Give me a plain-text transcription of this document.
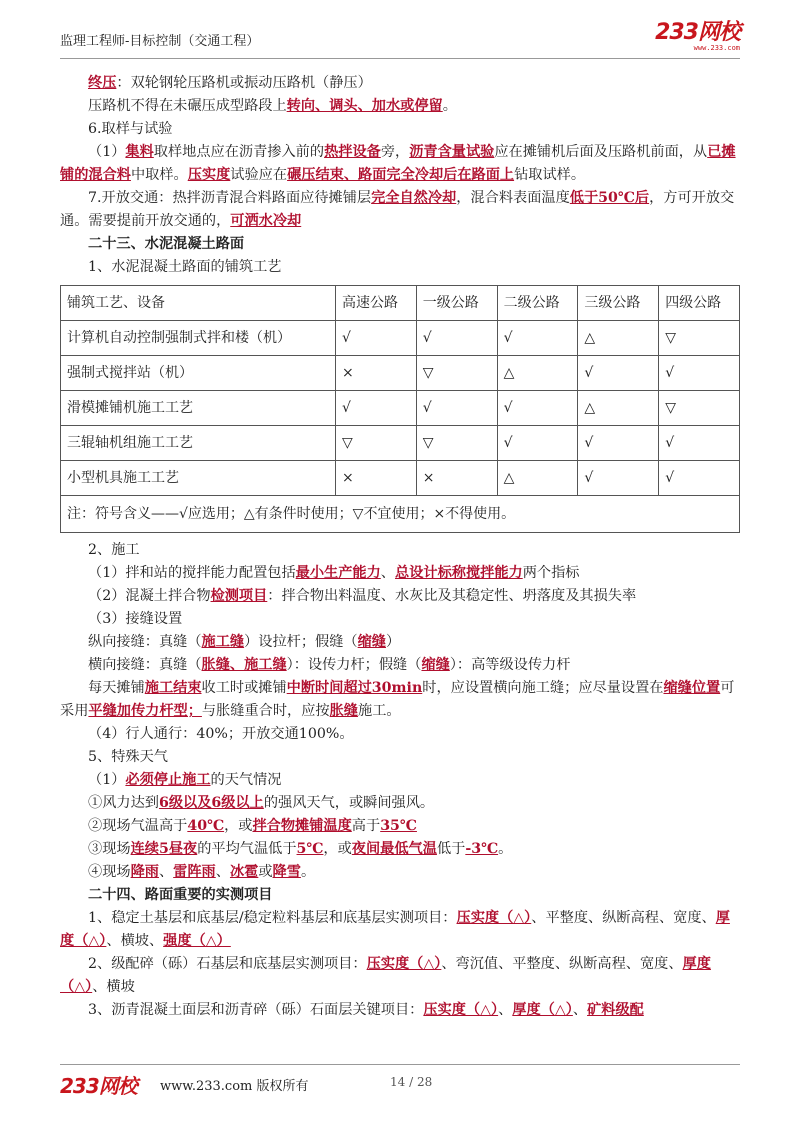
监理工程师-目标控制（交通工程）	233网校
www.233.com

终压：双轮钢轮压路机或振动压路机（静压）

压路机不得在未碾压成型路段上转向、调头、加水或停留。

6.取样与试验

（1）集料取样地点应在沥青掺入前的热拌设备旁，沥青含量试验应在摊铺机后面及压路机前面，从已摊铺的混合料中取样。压实度试验应在碾压结束、路面完全冷却后在路面上钻取试样。

7.开放交通：热拌沥青混合料路面应待摊铺层完全自然冷却，混合料表面温度低于50℃后，方可开放交通。需要提前开放交通的，可洒水冷却

二十三、水泥混凝土路面

1、水泥混凝土路面的铺筑工艺

铺筑工艺、设备	高速公路	一级公路	二级公路	三级公路	四级公路
计算机自动控制强制式拌和楼（机）	√	√	√	△	▽
强制式搅拌站（机）	×	▽	△	√	√
滑模摊铺机施工工艺	√	√	√	△	▽
三辊轴机组施工工艺	▽	▽	√	√	√
小型机具施工工艺	×	×	△	√	√
注：符号含义——√应选用；△有条件时使用；▽不宜使用；×不得使用。					

2、施工

（1）拌和站的搅拌能力配置包括最小生产能力、总设计标称搅拌能力两个指标

（2）混凝土拌合物检测项目：拌合物出料温度、水灰比及其稳定性、坍落度及其损失率

（3）接缝设置

纵向接缝：真缝（施工缝）设拉杆；假缝（缩缝）

横向接缝：真缝（胀缝、施工缝）：设传力杆；假缝（缩缝）：高等级设传力杆

每天摊铺施工结束收工时或摊铺中断时间超过30min时，应设置横向施工缝；应尽量设置在缩缝位置可采用平缝加传力杆型；与胀缝重合时，应按胀缝施工。

（4）行人通行：40%；开放交通100%。

5、特殊天气

（1）必须停止施工的天气情况

①风力达到6级以及6级以上的强风天气，或瞬间强风。

②现场气温高于40℃，或拌合物摊铺温度高于35℃

③现场连续5昼夜的平均气温低于5℃，或夜间最低气温低于-3℃。

④现场降雨、雷阵雨、冰雹或降雪。

二十四、路面重要的实测项目

1、稳定土基层和底基层/稳定粒料基层和底基层实测项目：压实度（△）、平整度、纵断高程、宽度、厚度（△）、横坡、强度（△）

2、级配碎（砾）石基层和底基层实测项目：压实度（△）、弯沉值、平整度、纵断高程、宽度、厚度（△）、横坡

3、沥青混凝土面层和沥青碎（砾）石面层关键项目：压实度（△）、厚度（△）、矿料级配

233网校 www.233.com 版权所有	14 / 28
